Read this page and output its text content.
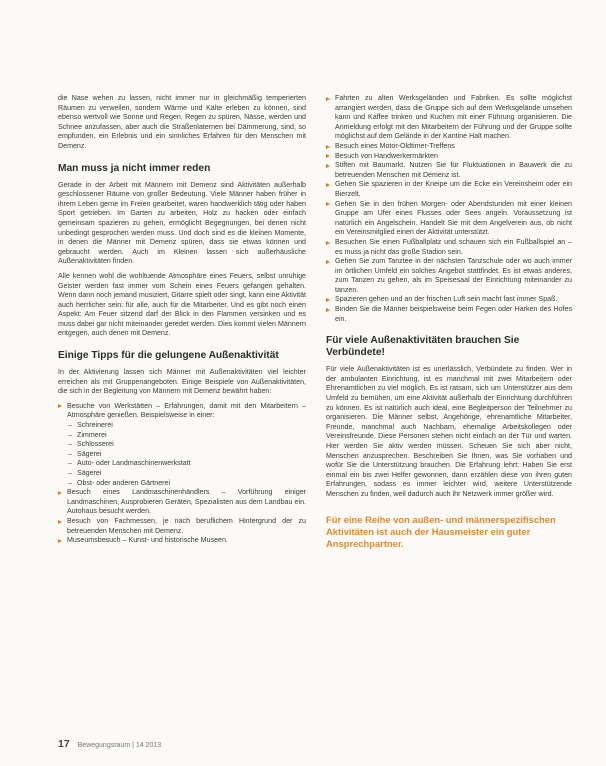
die Nase wehen zu lassen, nicht immer nur in gleichmäßig temperierten Räumen zu verweilen, sondern Wärme und Kälte erleben zu können, sind ebenso wertvoll wie Sonne und Regen. Regen zu spüren, Nässe, werden und Schnee anzufassen, aber auch die Straßenlaternen bei Dämmerung, sind, so empfunden, ein Erlebnis und ein sinnliches Erfahren für den Menschen mit Demenz.

Man muss ja nicht immer reden

Gerade in der Arbeit mit Männern mit Demenz sind Aktivitäten außerhalb geschlossener Räume von großer Bedeutung. Viele Männer haben früher in ihrem Leben gerne im Freien gearbeitet, waren handwerklich tätig oder haben Sport getrieben. Im Garten zu arbeiten, Holz zu hacken oder einfach gemeinsam spazieren zu gehen, ermöglicht Begegnungen, bei denen nicht unbedingt gesprochen werden muss. Und doch sind es die kleinen Momente, in denen die Männer mit Demenz spüren, dass sie etwas können und gebraucht werden. Auch im Kleinen lassen sich außerhäusliche Außenaktivitäten finden.

Alle kennen wohl die wohltuende Atmosphäre eines Feuers, selbst unruhige Geister werden fast immer vom Schein eines Feuers gefangen gehalten. Wenn dann noch jemand musiziert, Gitarre spielt oder singt, kann eine Aktivität auch herrlicher sein: für alle, auch für die Mitarbeiter. Und es gibt noch einen Aspekt: Am Feuer sitzend darf der Blick in den Flammen versinken und es muss dabei gar nicht miteinander geredet werden. Dies kommt vielen Männern entgegen, auch denen mit Demenz.

Einige Tipps für die gelungene Außenaktivität

In der Aktivierung lassen sich Männer mit Außenaktivitäten viel leichter erreichen als mit Gruppenangeboten. Einige Beispiele von Außenaktivitäten, die sich in der Begleitung von Männern mit Demenz bewährt haben:

Besuche von Werkstätten – Erfahrungen, damit mit den Mitarbeitern – Atmosphäre genießen. Beispielsweise in einer:
– Schreinerei
– Zimmerei
– Schlosserei
– Sägerei
– Auto- oder Landmaschinenwerkstatt
– Sägerei
– Obst- oder anderen Gärtnerei
Besuch eines Landmaschinenhändlers – Vorführung einiger Landmaschinen, Ausprobieren Geräten, Spezialisten aus dem Landbau ein. Autohaus besucht werden.
Besuch von Fachmessen, je nach beruflichem Hintergrund der zu betreuenden Menschen mit Demenz.
Museumsbesuch – Kunst- und historische Museen.
Fahrten zu alten Werksgeländen und Fabriken. Es sollte möglichst arrangiert werden, dass die Gruppe sich auf dem Werksgelände umsehen kann und Kaffee trinken und Kuchen mit einer Führung organisieren. Die Anmeldung erfolgt mit den Mitarbeitern der Führung und der Gruppe sollte möglichst auf dem Gelände in der Kantine Halt machen.
Besuch eines Motor-Oldtimer-Treffens
Besuch von Handwerkermärkten
Stiften mit Baumarkt. Nutzen Sie für Fluktuationen in Bauwerk die zu betreuenden Menschen mit Demenz ist.
Gehen Sie spazieren in der Kneipe um die Ecke ein Vereinsheim oder ein Bierzelt.
Gehen Sie in den frühen Morgen- oder Abendstunden mit einer kleinen Gruppe am Ufer eines Flusses oder Sees angeln. Voraussetzung ist natürlich ein Angelschein. Handelt Sie mit dem Angelverein aus, ob nicht ein Vereinsmitglied einen der Aktivität unterstützt.
Besuchen Sie einen Fußballplatz und schauen sich ein Fußballspiel an – es muss ja nicht das große Stadion sein.
Gehen Sie zum Tanztee in der nächsten Tanzschule oder wo auch immer im örtlichen Umfeld ein solches Angebot stattfindet. Es ist etwas anderes, zum Tanzen zu gehen, als im Speisesaal der Einrichtung miteinander zu tanzen.
Spazieren gehen und an der frischen Luft sein macht fast immer Spaß.
Binden Sie die Männer beispielsweise beim Fegen oder Harken des Hofes ein.
Für viele Außenaktivitäten brauchen Sie Verbündete!

Für viele Außenaktivitäten ist es unerlässlich, Verbündete zu finden. Wer in der ambulanten Einrichtung, ist es manchmal mit zwei Mitarbeitern oder Ehrenamtlichen zu viel möglich. Es ist ratsam, sich um Unterstützer aus dem Umfeld zu bemühen, um eine Aktivität außerhalb der Einrichtung durchführen zu können. Es ist natürlich auch ideal, eine Begleitperson der Teilnehmer zu organisieren. Die Männer selbst, Angehörige, ehrenamtliche Mitarbeiter, Freunde, manchmal auch Nachbarn, ehemalige Arbeitskollegen oder Vereinsfreunde. Diese Personen stehen nicht einfach an der Tür und warten. Hier werden Sie aktiv werden müssen. Scheuen Sie sich aber nicht, Menschen anzusprechen. Beschreiben Sie Ihnen, was Sie vorhaben und wofür Sie die Unterstützung brauchen. Die Erfahrung lehrt: Haben Sie erst einmal ein bis zwei Helfer gewonnen, dann erzählen diese von ihren guten Erfahrungen, sodass es immer leichter wird, weitere Unterstützende Menschen zu finden, weil dadurch auch ihr Netzwerk immer größer wird.

Für eine Reihe von außen- und männerspezifischen Aktivitäten ist auch der Hausmeister ein guter Ansprechpartner.
17 Bewegungsraum | 14 2013
